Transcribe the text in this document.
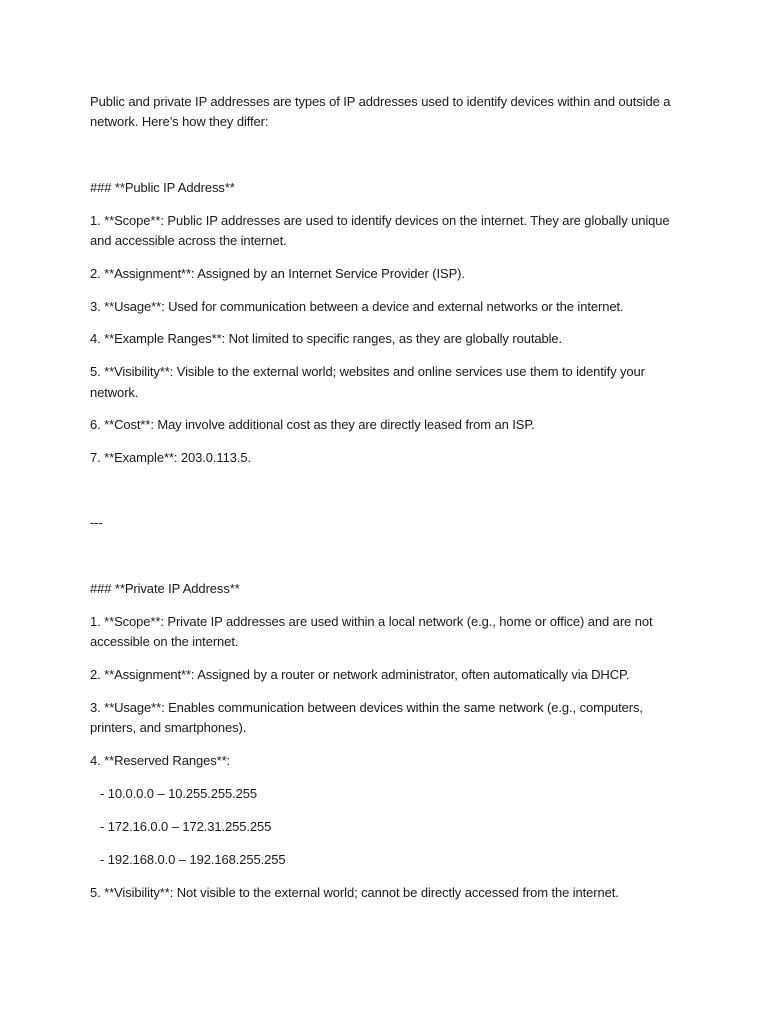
Public and private IP addresses are types of IP addresses used to identify devices within and outside a
network. Here’s how they differ:
### **Public IP Address**
1. **Scope**: Public IP addresses are used to identify devices on the internet. They are globally unique
and accessible across the internet.
2. **Assignment**: Assigned by an Internet Service Provider (ISP).
3. **Usage**: Used for communication between a device and external networks or the internet.
4. **Example Ranges**: Not limited to specific ranges, as they are globally routable.
5. **Visibility**: Visible to the external world; websites and online services use them to identify your
network.
6. **Cost**: May involve additional cost as they are directly leased from an ISP.
7. **Example**: 203.0.113.5.
---
### **Private IP Address**
1. **Scope**: Private IP addresses are used within a local network (e.g., home or office) and are not
accessible on the internet.
2. **Assignment**: Assigned by a router or network administrator, often automatically via DHCP.
3. **Usage**: Enables communication between devices within the same network (e.g., computers,
printers, and smartphones).
4. **Reserved Ranges**:
- 10.0.0.0 – 10.255.255.255
- 172.16.0.0 – 172.31.255.255
- 192.168.0.0 – 192.168.255.255
5. **Visibility**: Not visible to the external world; cannot be directly accessed from the internet.
